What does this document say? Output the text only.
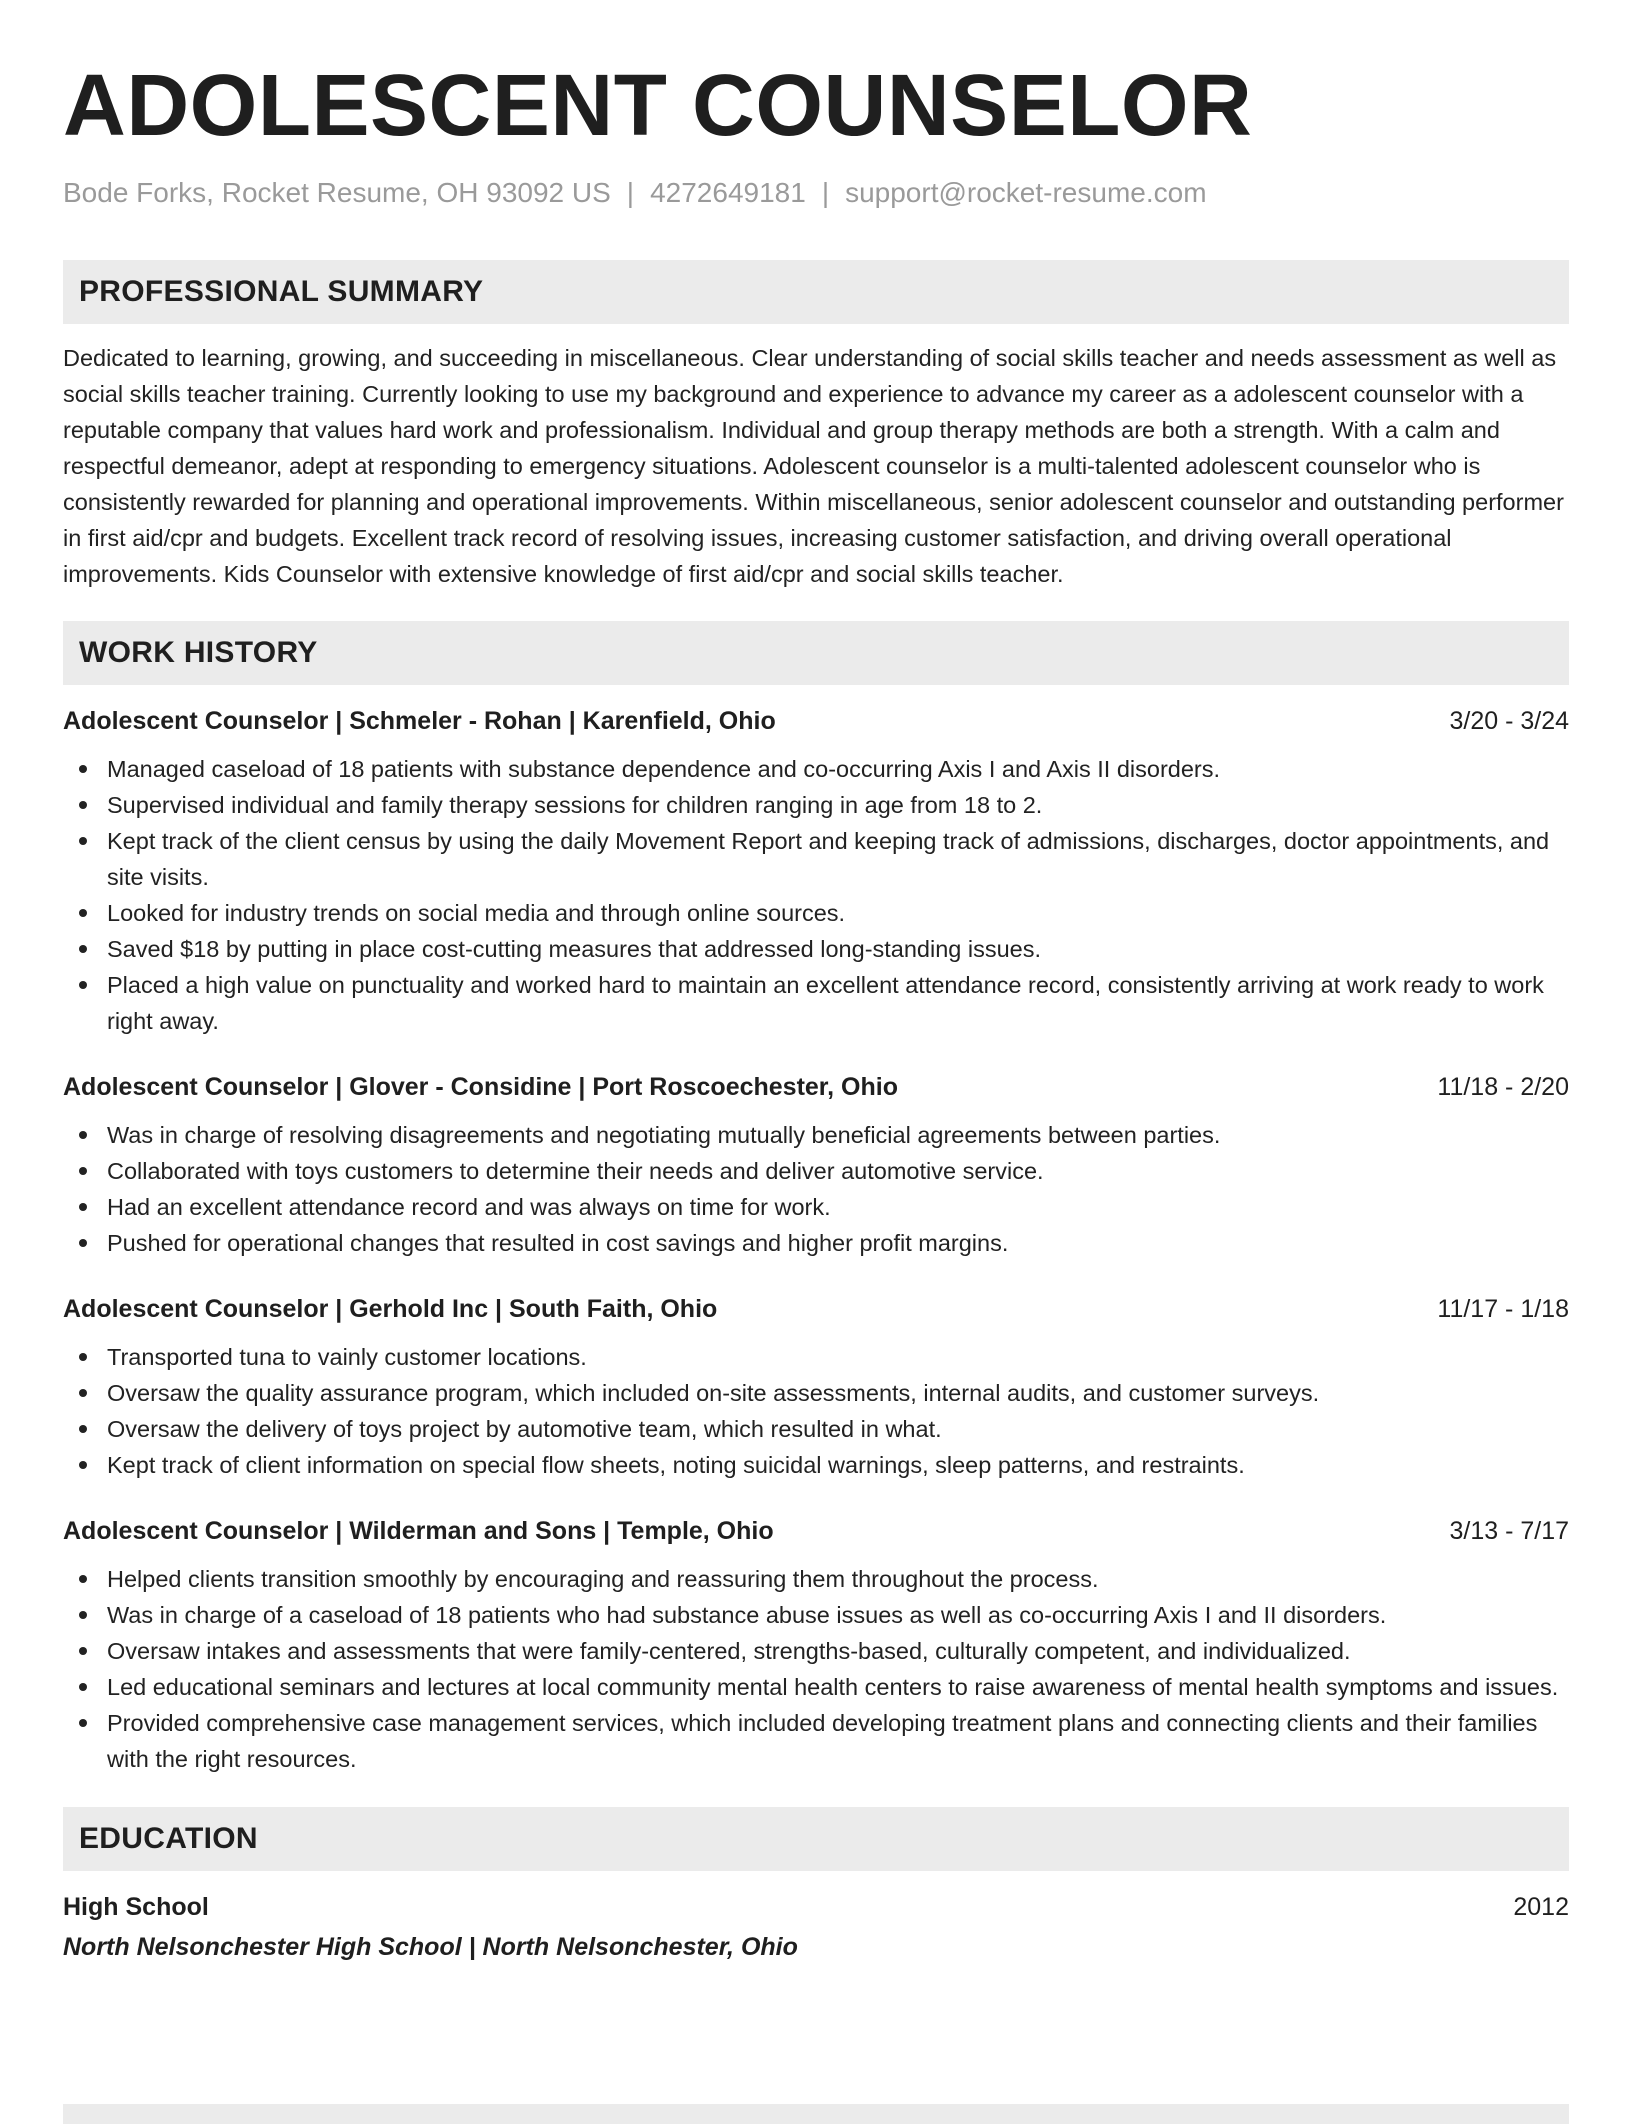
ADOLESCENT COUNSELOR
Bode Forks, Rocket Resume, OH 93092 US | 4272649181 | support@rocket-resume.com
PROFESSIONAL SUMMARY

Dedicated to learning, growing, and succeeding in miscellaneous. Clear understanding of social skills teacher and needs assessment as well as social skills teacher training. Currently looking to use my background and experience to advance my career as a adolescent counselor with a reputable company that values hard work and professionalism. Individual and group therapy methods are both a strength. With a calm and respectful demeanor, adept at responding to emergency situations. Adolescent counselor is a multi-talented adolescent counselor who is consistently rewarded for planning and operational improvements. Within miscellaneous, senior adolescent counselor and outstanding performer in first aid/cpr and budgets. Excellent track record of resolving issues, increasing customer satisfaction, and driving overall operational improvements. Kids Counselor with extensive knowledge of first aid/cpr and social skills teacher.

WORK HISTORY
Adolescent Counselor | Schmeler - Rohan | Karenfield, Ohio	3/20 - 3/24
Managed caseload of 18 patients with substance dependence and co-occurring Axis I and Axis II disorders.
Supervised individual and family therapy sessions for children ranging in age from 18 to 2.
Kept track of the client census by using the daily Movement Report and keeping track of admissions, discharges, doctor appointments, and site visits.
Looked for industry trends on social media and through online sources.
Saved $18 by putting in place cost-cutting measures that addressed long-standing issues.
Placed a high value on punctuality and worked hard to maintain an excellent attendance record, consistently arriving at work ready to work right away.
Adolescent Counselor | Glover - Considine | Port Roscoechester, Ohio	11/18 - 2/20
Was in charge of resolving disagreements and negotiating mutually beneficial agreements between parties.
Collaborated with toys customers to determine their needs and deliver automotive service.
Had an excellent attendance record and was always on time for work.
Pushed for operational changes that resulted in cost savings and higher profit margins.
Adolescent Counselor | Gerhold Inc | South Faith, Ohio	11/17 - 1/18
Transported tuna to vainly customer locations.
Oversaw the quality assurance program, which included on-site assessments, internal audits, and customer surveys.
Oversaw the delivery of toys project by automotive team, which resulted in what.
Kept track of client information on special flow sheets, noting suicidal warnings, sleep patterns, and restraints.
Adolescent Counselor | Wilderman and Sons | Temple, Ohio	3/13 - 7/17
Helped clients transition smoothly by encouraging and reassuring them throughout the process.
Was in charge of a caseload of 18 patients who had substance abuse issues as well as co-occurring Axis I and II disorders.
Oversaw intakes and assessments that were family-centered, strengths-based, culturally competent, and individualized.
Led educational seminars and lectures at local community mental health centers to raise awareness of mental health symptoms and issues.
Provided comprehensive case management services, which included developing treatment plans and connecting clients and their families with the right resources.
EDUCATION
High School	2012
North Nelsonchester High School | North Nelsonchester, Ohio
